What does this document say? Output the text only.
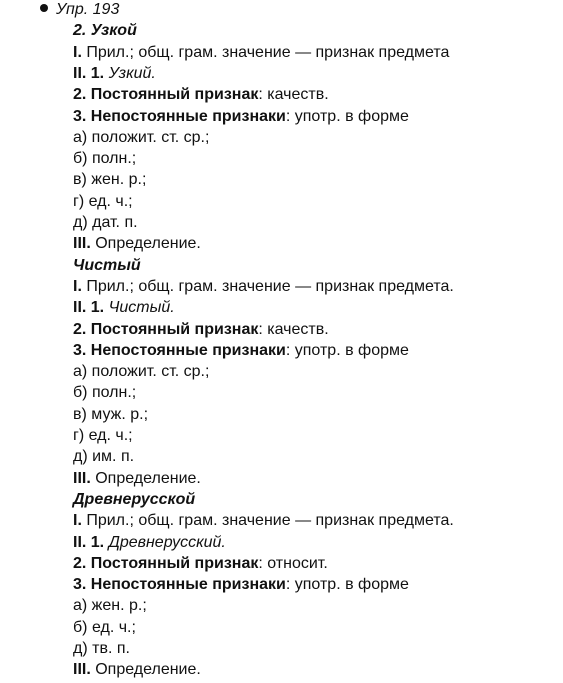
Упр. 193
2. Узкой
I. Прил.; общ. грам. значение — признак предмета
II. 1. Узкий.
2. Постоянный признак: качеств.
3. Непостоянные признаки: употр. в форме
а) положит. ст. ср.;
б) полн.;
в) жен. р.;
г) ед. ч.;
д) дат. п.
III. Определение.
Чистый
I. Прил.; общ. грам. значение — признак предмета.
II. 1. Чистый.
2. Постоянный признак: качеств.
3. Непостоянные признаки: употр. в форме
а) положит. ст. ср.;
б) полн.;
в) муж. р.;
г) ед. ч.;
д) им. п.
III. Определение.
Древнерусской
I. Прил.; общ. грам. значение — признак предмета.
II. 1. Древнерусский.
2. Постоянный признак: относит.
3. Непостоянные признаки: употр. в форме
а) жен. р.;
б) ед. ч.;
д) тв. п.
III. Определение.
